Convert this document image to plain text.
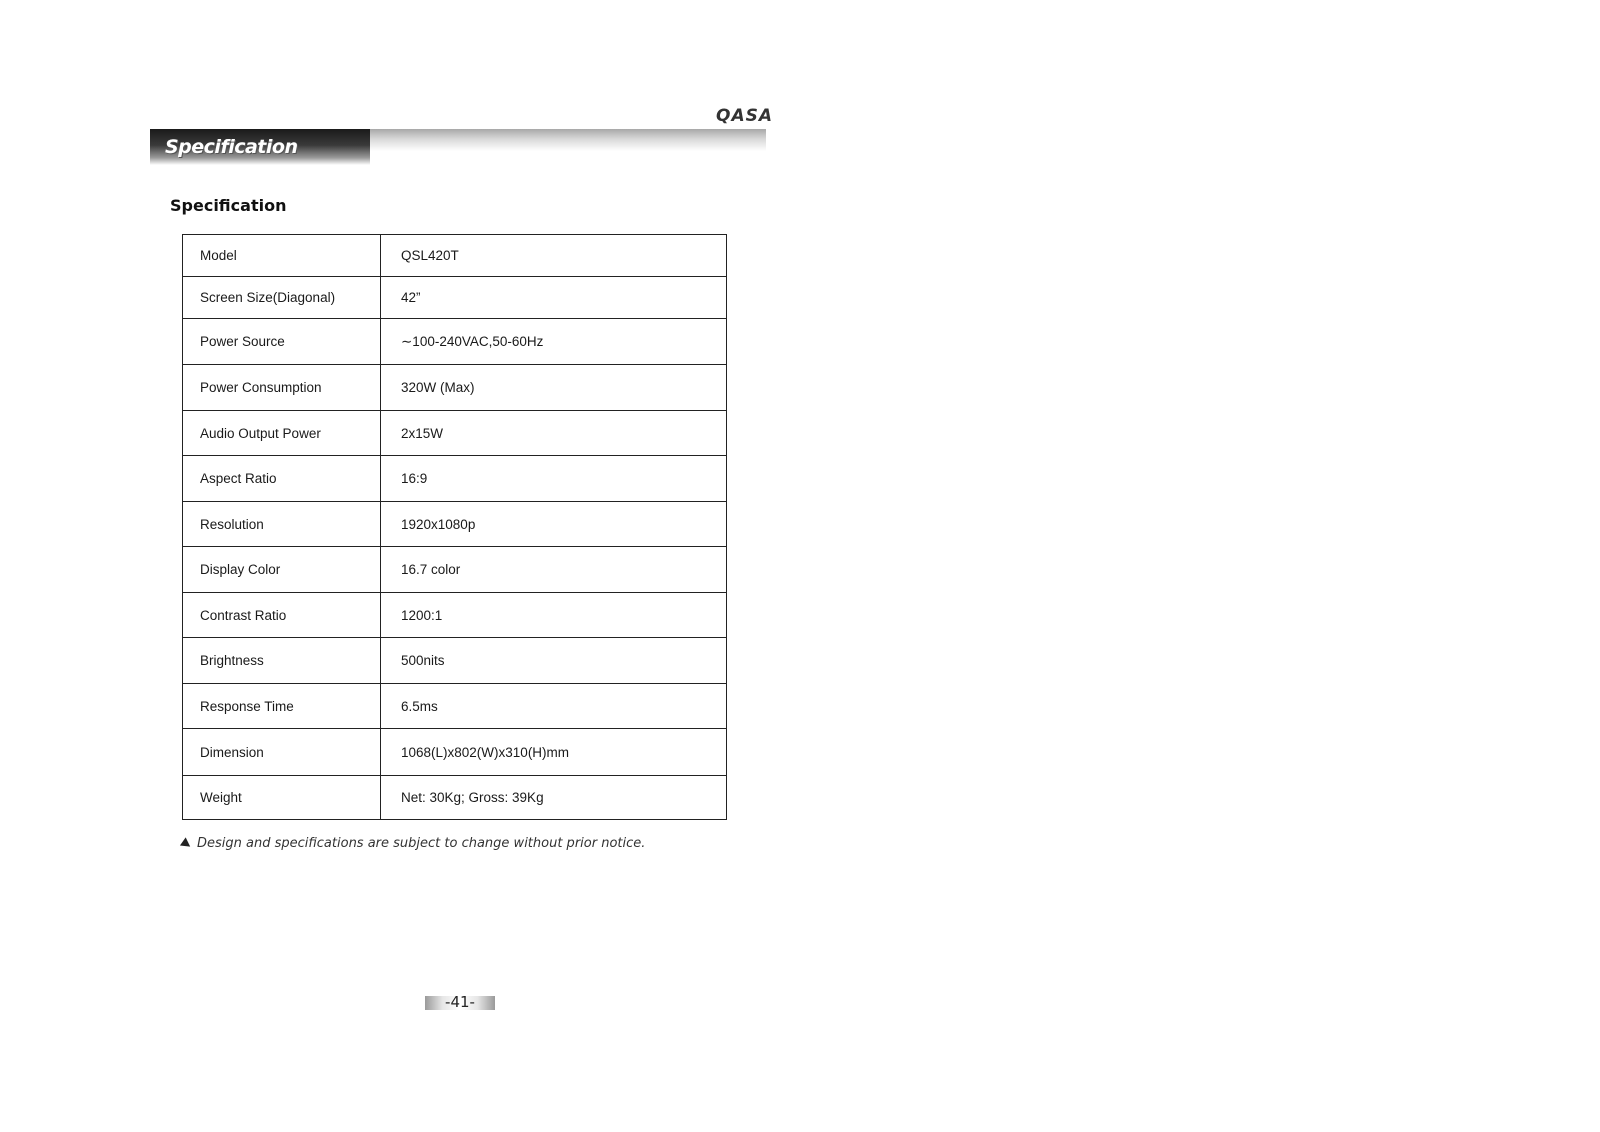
QASA
Specification
Specification
Model	QSL420T
Screen Size(Diagonal)	42”
Power Source	∼100-240VAC,50-60Hz
Power Consumption	320W (Max)
Audio Output Power	2x15W
Aspect Ratio	16:9
Resolution	1920x1080p
Display Color	16.7 color
Contrast Ratio	1200:1
Brightness	500nits
Response Time	6.5ms
Dimension	1068(L)x802(W)x310(H)mm
Weight	Net: 30Kg; Gross: 39Kg
Design and specifications are subject to change without prior notice.
-41-
